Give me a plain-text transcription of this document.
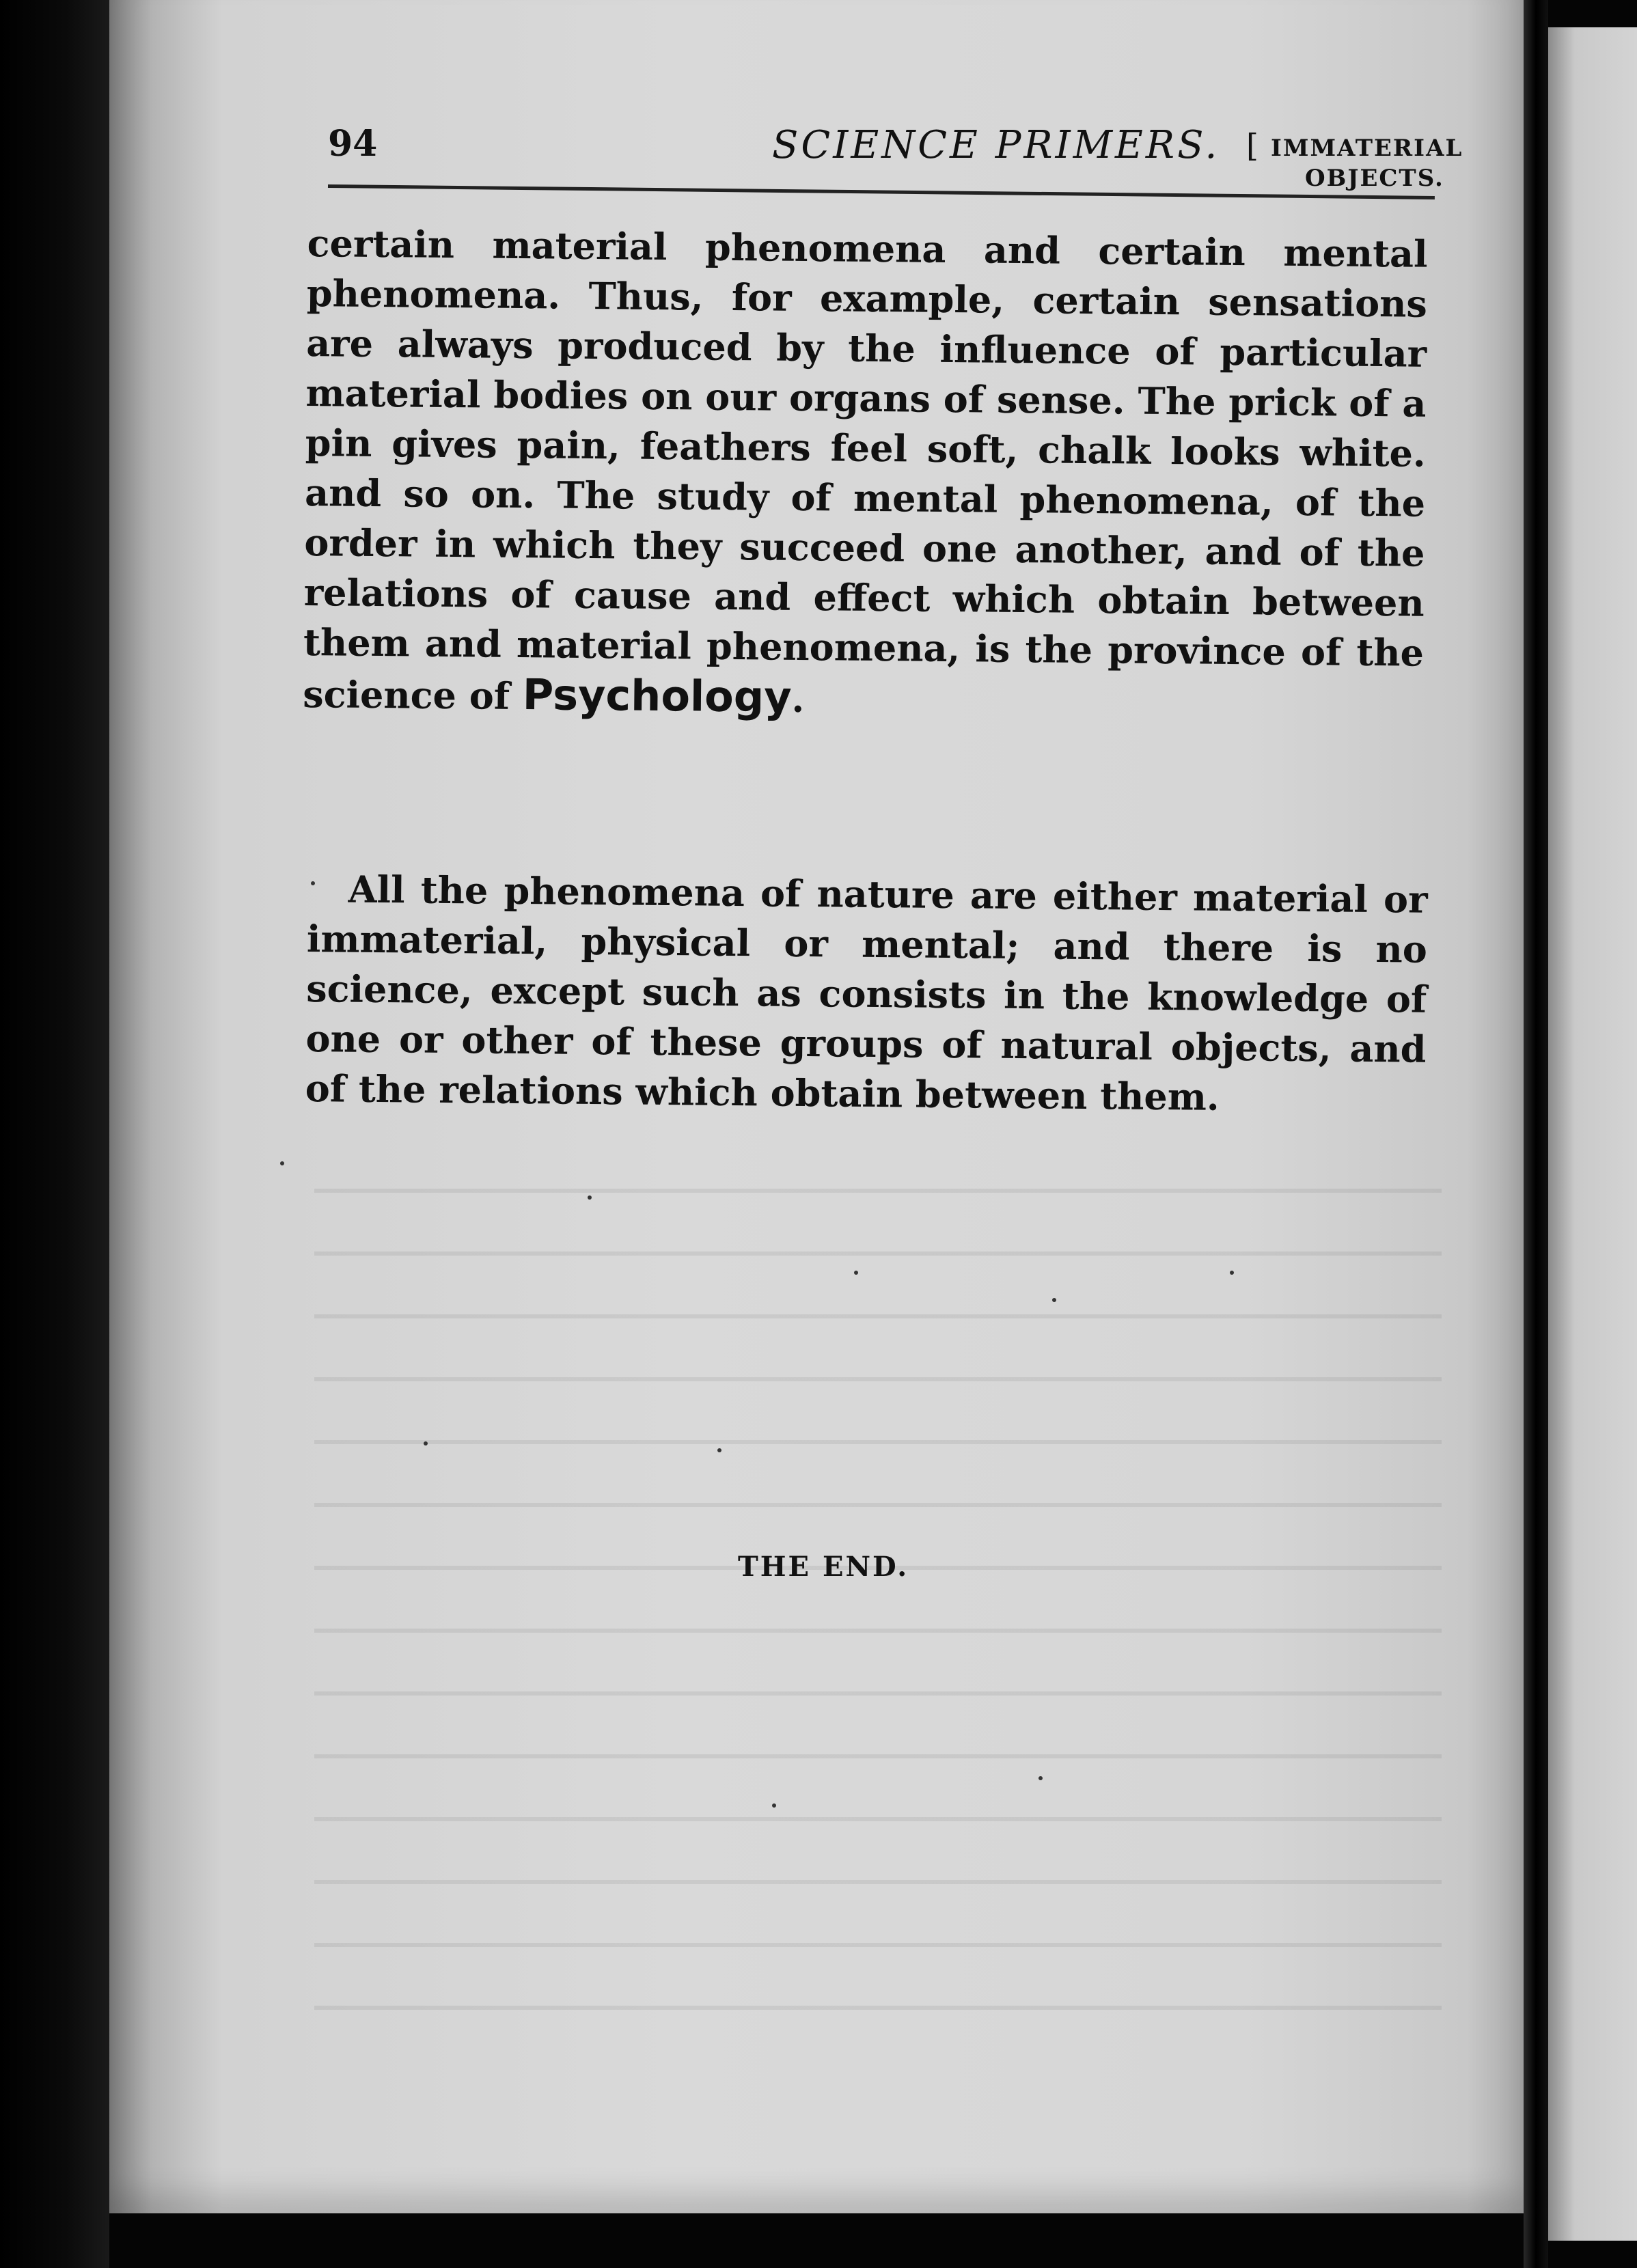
94	SCIENCE PRIMERS. [ IMMATERIAL
OBJECTS.
certain material phenomena and certain mental phenomena. Thus, for example, certain sensations are always produced by the influence of particular material bodies on our organs of sense. The prick of a pin gives pain, feathers feel soft, chalk looks white. and so on. The study of mental phenomena, of the order in which they succeed one another, and of the relations of cause and effect which obtain between them and material phenomena, is the province of the science of Psychology.
All the phenomena of nature are either material or immaterial, physical or mental; and there is no science, except such as consists in the knowledge of one or other of these groups of natural objects, and of the relations which obtain between them.
THE END.
